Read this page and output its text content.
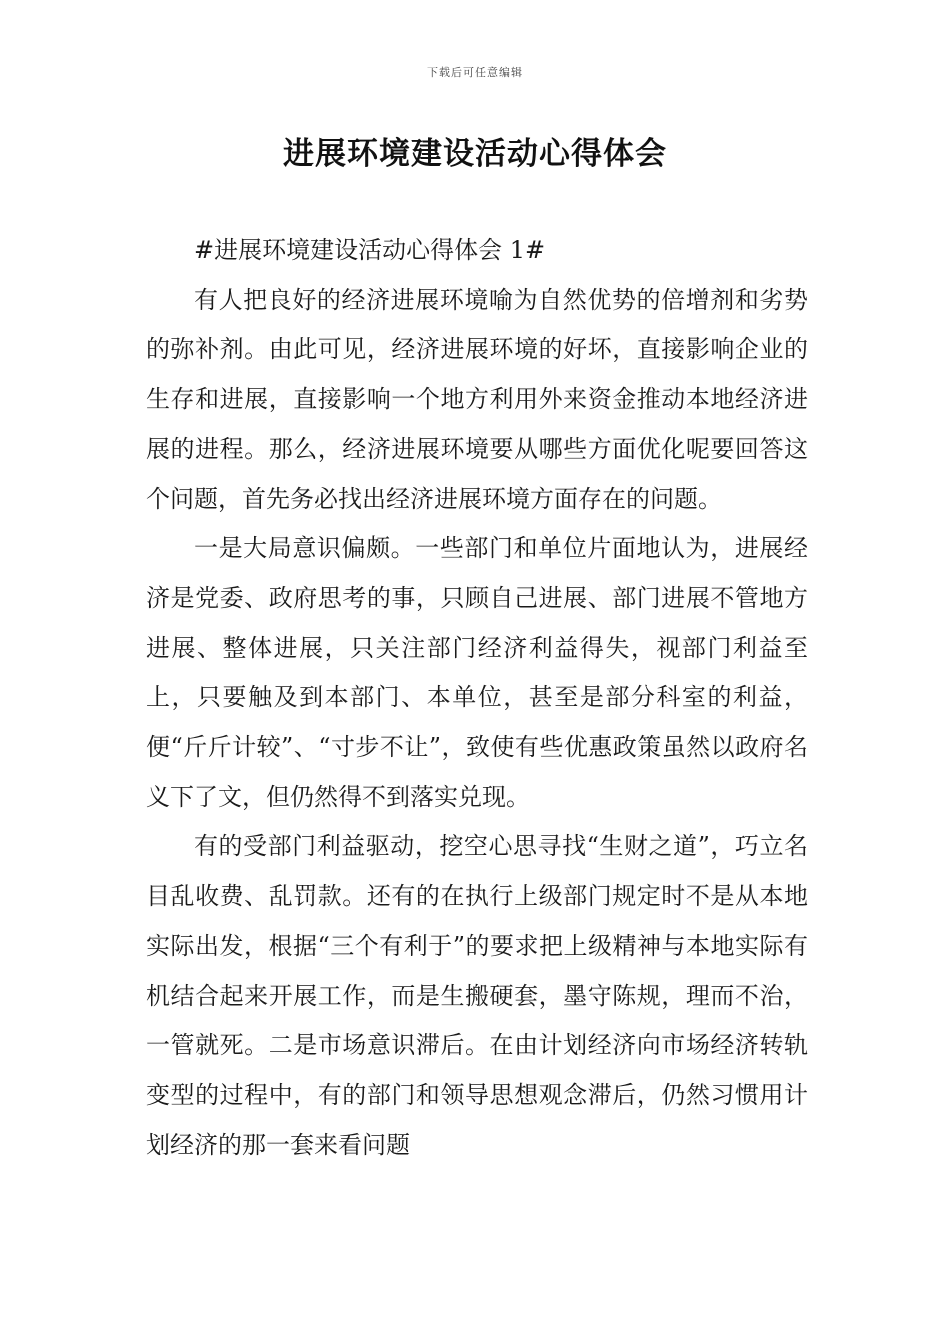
下载后可任意编辑
进展环境建设活动心得体会

#进展环境建设活动心得体会 1#

有人把良好的经济进展环境喻为自然优势的倍增剂和劣势的弥补剂。由此可见，经济进展环境的好坏，直接影响企业的生存和进展，直接影响一个地方利用外来资金推动本地经济进展的进程。那么，经济进展环境要从哪些方面优化呢要回答这个问题，首先务必找出经济进展环境方面存在的问题。

一是大局意识偏颇。一些部门和单位片面地认为，进展经济是党委、政府思考的事，只顾自己进展、部门进展不管地方进展、整体进展，只关注部门经济利益得失，视部门利益至上，只要触及到本部门、本单位，甚至是部分科室的利益，便“斤斤计较”、“寸步不让”，致使有些优惠政策虽然以政府名义下了文，但仍然得不到落实兑现。

有的受部门利益驱动，挖空心思寻找“生财之道”，巧立名目乱收费、乱罚款。还有的在执行上级部门规定时不是从本地实际出发，根据“三个有利于”的要求把上级精神与本地实际有机结合起来开展工作，而是生搬硬套，墨守陈规，理而不治，一管就死。二是市场意识滞后。在由计划经济向市场经济转轨变型的过程中，有的部门和领导思想观念滞后，仍然习惯用计划经济的那一套来看问题
